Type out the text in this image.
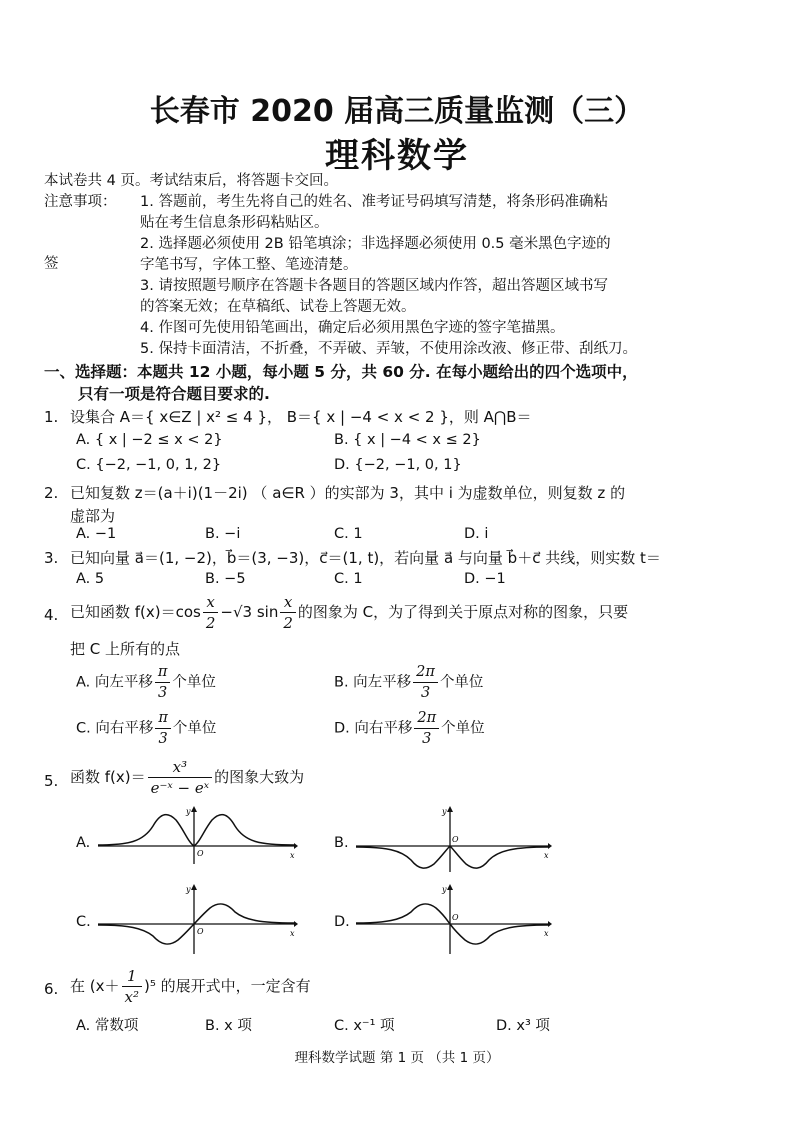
长春市 2020 届高三质量监测（三）
理科数学
本试卷共 4 页。考试结束后，将答题卡交回。
注意事项：
签
1. 答题前，考生先将自己的姓名、准考证号码填写清楚，将条形码准确粘
贴在考生信息条形码粘贴区。
2. 选择题必须使用 2B 铅笔填涂；非选择题必须使用 0.5 毫米黑色字迹的
字笔书写，字体工整、笔迹清楚。
3. 请按照题号顺序在答题卡各题目的答题区域内作答，超出答题区域书写
的答案无效；在草稿纸、试卷上答题无效。
4. 作图可先使用铅笔画出，确定后必须用黑色字迹的签字笔描黑。
5. 保持卡面清洁，不折叠，不弄破、弄皱，不使用涂改液、修正带、刮纸刀。
一、选择题：本题共 12 小题，每小题 5 分，共 60 分. 在每小题给出的四个选项中，
只有一项是符合题目要求的.
1. 设集合 A＝{ x∈Z | x² ≤ 4 }， B＝{ x | −4 < x < 2 }，则 A⋂B＝
A. { x | −2 ≤ x < 2}	B. { x | −4 < x ≤ 2}
C. {−2, −1, 0, 1, 2}	D. {−2, −1, 0, 1}
2. 已知复数 z＝(a＋i)(1－2i) （ a∈R ）的实部为 3，其中 i 为虚数单位，则复数 z 的
虚部为
A. −1	B. −i	C. 1	D. i
3. 已知向量 a⃗＝(1, −2)，b⃗＝(3, −3)，c⃗＝(1, t)，若向量 a⃗ 与向量 b⃗＋c⃗ 共线，则实数 t＝
A. 5	B. −5	C. 1	D. −1
4. 已知函数 $f(x)=\cos \frac{x}{2} -√3$ $\sin \frac{x}{2}$ 的图象为 C，为了得到关于原点对称的图象，只要
把 C 上所有的点
A. 向左平移 $\frac{\pi}{3}$ 个单位	B. 向左平移 $\frac{2\pi}{3}$ 个单位
C. 向右平移 $\frac{\pi}{3}$ 个单位	D. 向右平移 $\frac{2\pi}{3}$ 个单位
5. 函数 $f(x)= \frac{\text{x³}}{\text{e⁻ˣ − eˣ}}$ 的图象大致为
A.	B.
C.	D.
O	x
y
O
x
y
O	x
y
O
x
y
6. 在 $(x+ \frac{1}{\text{x²}} )^5$ 的展开式中，一定含有
A. 常数项	B. x 项	C. x⁻¹ 项	D. x³ 项
理科数学试题 第 1 页 （共 1 页）
